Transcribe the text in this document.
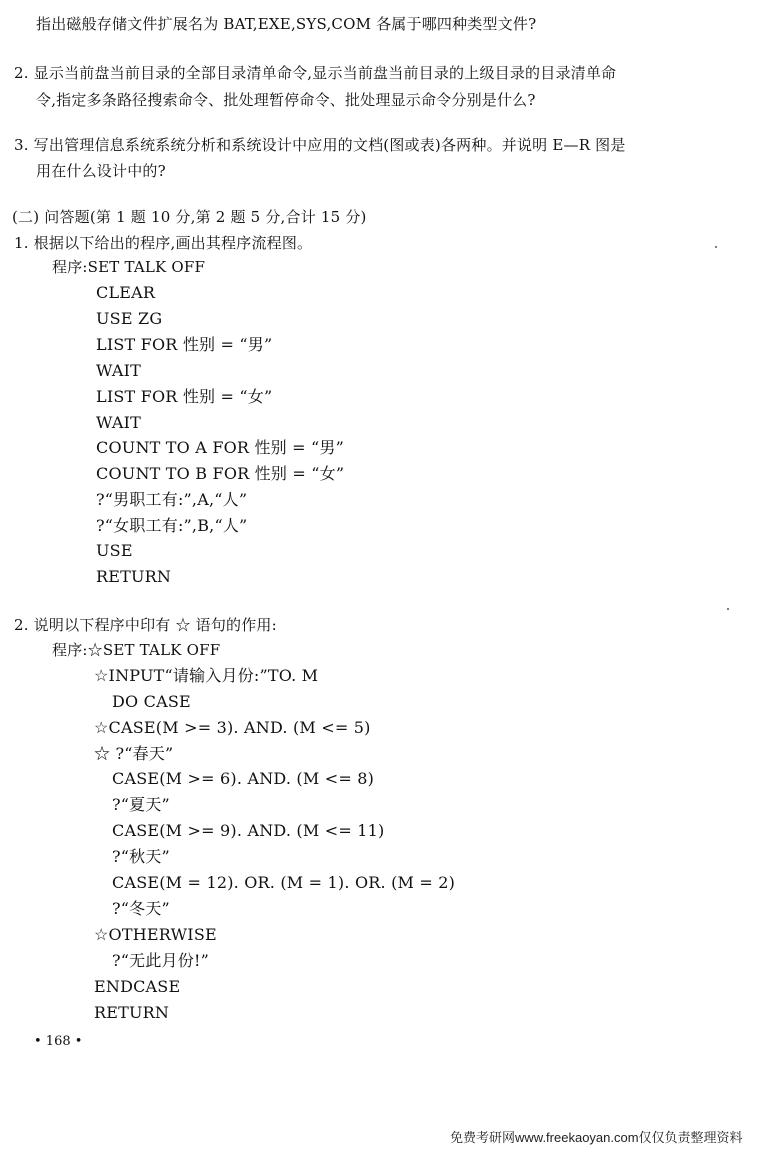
指出磁般存储文件扩展名为 BAT,EXE,SYS,COM 各属于哪四种类型文件?
2. 显示当前盘当前目录的全部目录清单命令,显示当前盘当前目录的上级目录的目录清单命
令,指定多条路径搜索命令、批处理暂停命令、批处理显示命令分别是什么?
3. 写出管理信息系统系统分析和系统设计中应用的文档(图或表)各两种。并说明 E—R 图是
用在什么设计中的?
(二) 问答题(第 1 题 10 分,第 2 题 5 分,合计 15 分)
1. 根据以下给出的程序,画出其程序流程图。
程序:SET TALK OFF
CLEAR
USE ZG
LIST FOR 性别 = “男”
WAIT
LIST FOR 性别 = “女”
WAIT
COUNT TO A FOR 性别 = “男”
COUNT TO B FOR 性别 = “女”
?“男职工有:”,A,“人”
?“女职工有:”,B,“人”
USE
RETURN
2. 说明以下程序中印有 ☆ 语句的作用:
程序:☆SET TALK OFF
☆INPUT“请输入月份:”TO. M
DO CASE
☆CASE(M >= 3). AND. (M <= 5)
☆ ?“春天”
CASE(M >= 6). AND. (M <= 8)
?“夏天”
CASE(M >= 9). AND. (M <= 11)
?“秋天”
CASE(M = 12). OR. (M = 1). OR. (M = 2)
?“冬天”
☆OTHERWISE
?“无此月份!”
ENDCASE
RETURN
• 168 •
免费考研网www.freekaoyan.com仅仅负责整理资料
